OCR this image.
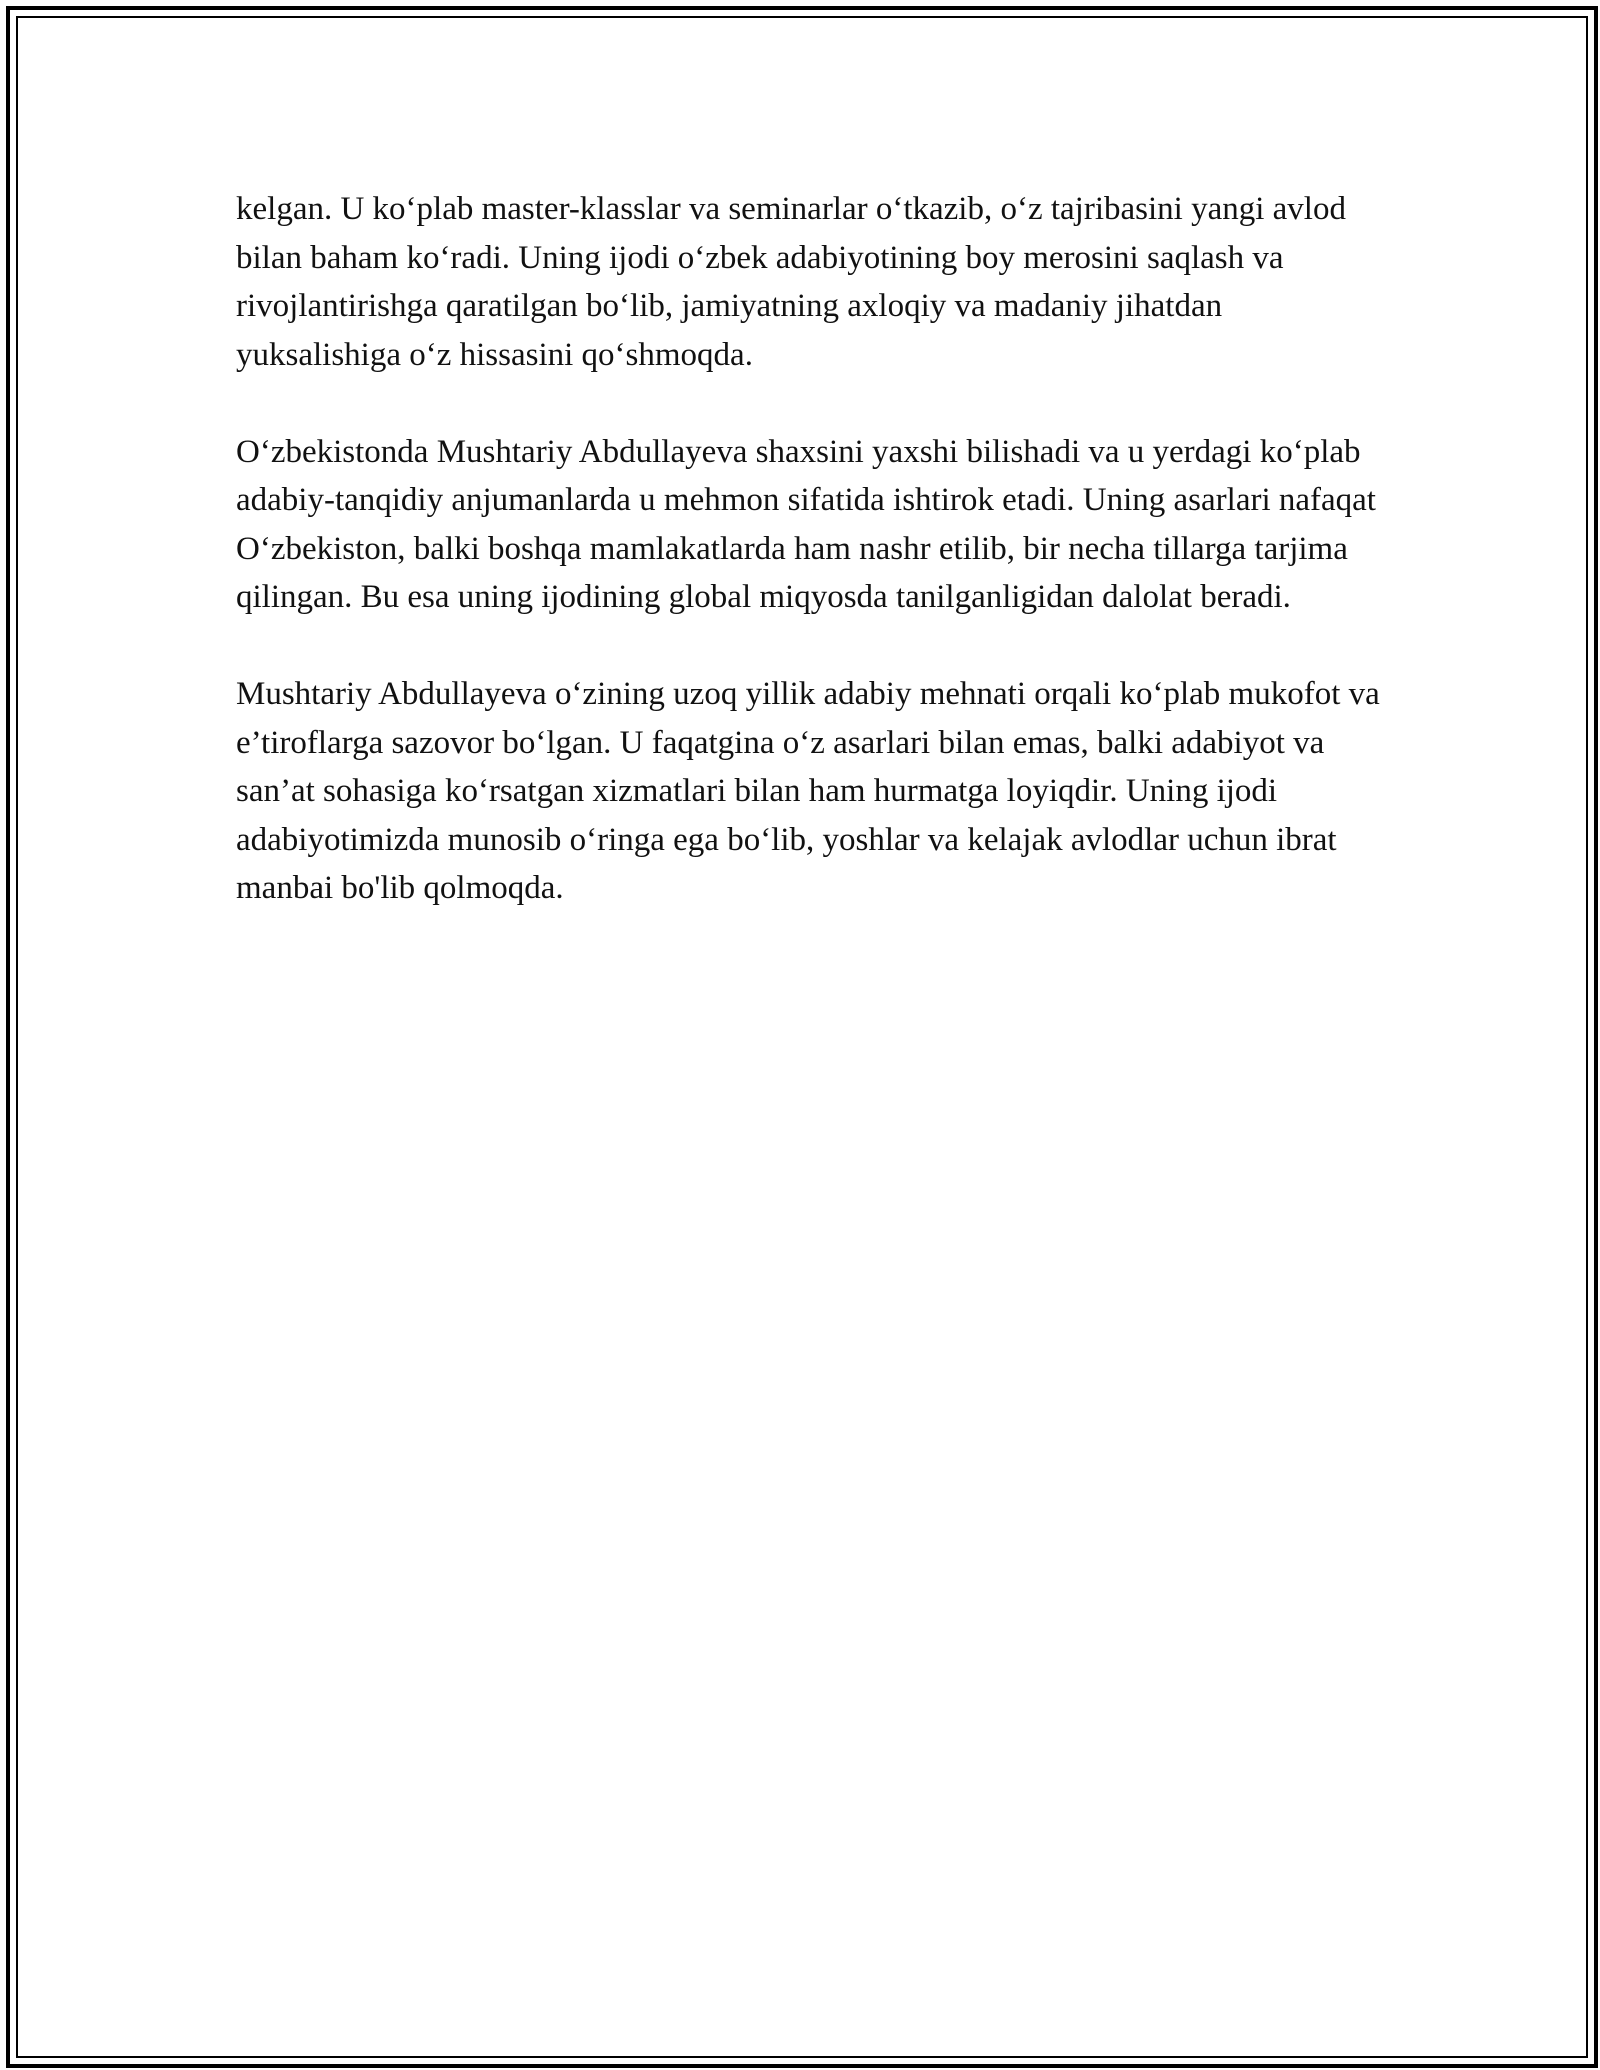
kelgan. U ko‘plab master-klasslar va seminarlar o‘tkazib, o‘z tajribasini yangi avlod bilan baham ko‘radi. Uning ijodi o‘zbek adabiyotining boy merosini saqlash va rivojlantirishga qaratilgan bo‘lib, jamiyatning axloqiy va madaniy jihatdan yuksalishiga o‘z hissasini qo‘shmoqda.

O‘zbekistonda Mushtariy Abdullayeva shaxsini yaxshi bilishadi va u yerdagi ko‘plab adabiy-tanqidiy anjumanlarda u mehmon sifatida ishtirok etadi. Uning asarlari nafaqat O‘zbekiston, balki boshqa mamlakatlarda ham nashr etilib, bir necha tillarga tarjima qilingan. Bu esa uning ijodining global miqyosda tanilganligidan dalolat beradi.

Mushtariy Abdullayeva o‘zining uzoq yillik adabiy mehnati orqali ko‘plab mukofot va e’tiroflarga sazovor bo‘lgan. U faqatgina o‘z asarlari bilan emas, balki adabiyot va san’at sohasiga ko‘rsatgan xizmatlari bilan ham hurmatga loyiqdir. Uning ijodi adabiyotimizda munosib o‘ringa ega bo‘lib, yoshlar va kelajak avlodlar uchun ibrat manbai bo'lib qolmoqda.
